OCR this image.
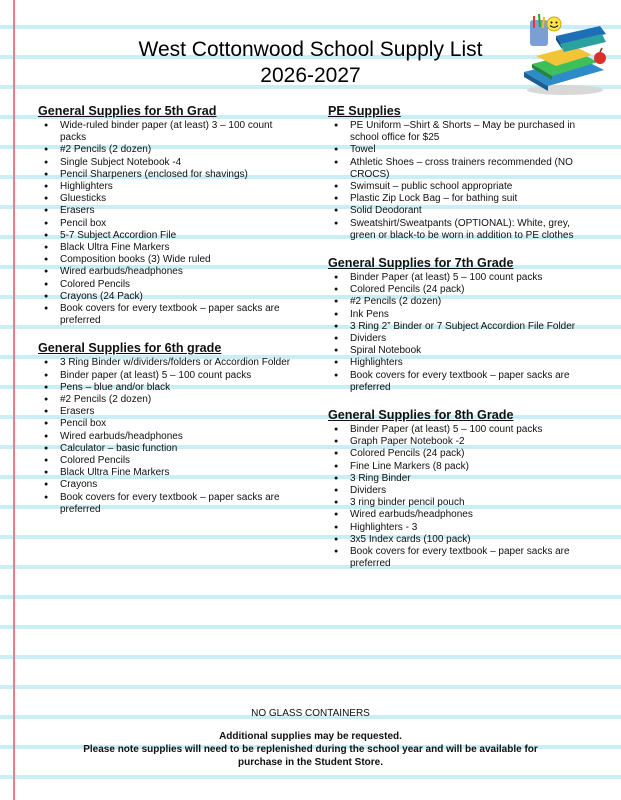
West Cottonwood School Supply List
2026-2027
General Supplies for 5th Grad
● Wide-ruled binder paper (at least) 3 – 100 count packs
● #2 Pencils (2 dozen)
● Single Subject Notebook -4
● Pencil Sharpeners (enclosed for shavings)
● Highlighters
● Gluesticks
● Erasers
● Pencil box
● 5-7 Subject Accordion File
● Black Ultra Fine Markers
● Composition books (3) Wide ruled
● Wired earbuds/headphones
● Colored Pencils
● Crayons (24 Pack)
● Book covers for every textbook – paper sacks are preferred
General Supplies for 6th grade
● 3 Ring Binder w/dividers/folders or Accordion Folder
● Binder paper (at least) 5 – 100 count packs
● Pens – blue and/or black
● #2 Pencils (2 dozen)
● Erasers
● Pencil box
● Wired earbuds/headphones
● Calculator – basic function
● Colored Pencils
● Black Ultra Fine Markers
● Crayons
● Book covers for every textbook – paper sacks are preferred
PE Supplies
● PE Uniform –Shirt & Shorts – May be purchased in school office for $25
● Towel
● Athletic Shoes – cross trainers recommended (NO CROCS)
● Swimsuit – public school appropriate
● Plastic Zip Lock Bag – for bathing suit
● Solid Deodorant
● Sweatshirt/Sweatpants (OPTIONAL): White, grey, green or black-to be worn in addition to PE clothes
General Supplies for 7th Grade
● Binder Paper (at least) 5 – 100 count packs
● Colored Pencils (24 pack)
● #2 Pencils (2 dozen)
● Ink Pens
● 3 Ring 2” Binder or 7 Subject Accordion File Folder
● Dividers
● Spiral Notebook
● Highlighters
● Book covers for every textbook – paper sacks are preferred
General Supplies for 8th Grade
● Binder Paper (at least) 5 – 100 count packs
● Graph Paper Notebook -2
● Colored Pencils (24 pack)
● Fine Line Markers (8 pack)
● 3 Ring Binder
● Dividers
● 3 ring binder pencil pouch
● Wired earbuds/headphones
● Highlighters - 3
● 3x5 Index cards (100 pack)
● Book covers for every textbook – paper sacks are preferred
NO GLASS CONTAINERS
Additional supplies may be requested.
Please note supplies will need to be replenished during the school year and will be available for
purchase in the Student Store.
